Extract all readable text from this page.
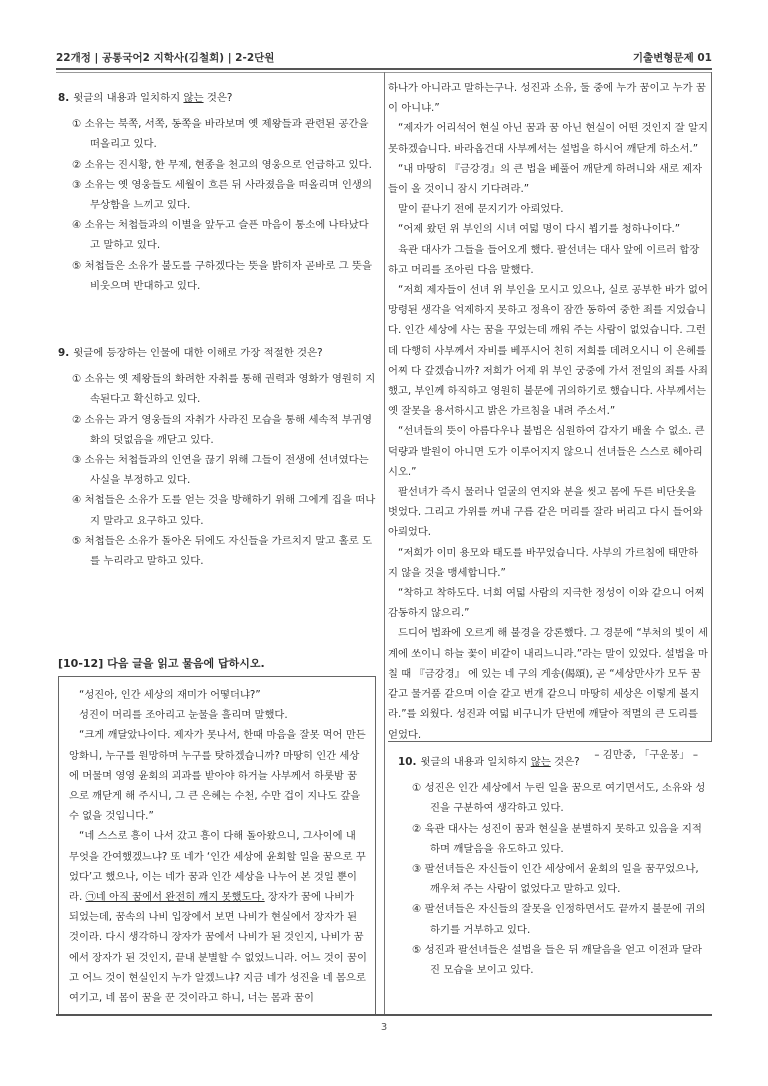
22개정 | 공통국어2 지학사(김철회) | 2-2단원	기출변형문제 01
8. 윗글의 내용과 일치하지 않는 것은?
① 소유는 북쪽, 서쪽, 동쪽을 바라보며 옛 제왕들과 관련된 공간을 떠올리고 있다.
② 소유는 진시황, 한 무제, 현종을 천고의 영웅으로 언급하고 있다.
③ 소유는 옛 영웅들도 세월이 흐른 뒤 사라졌음을 떠올리며 인생의 무상함을 느끼고 있다.
④ 소유는 처첩들과의 이별을 앞두고 슬픈 마음이 통소에 나타났다고 말하고 있다.
⑤ 처첩들은 소유가 불도를 구하겠다는 뜻을 밝히자 곧바로 그 뜻을 비웃으며 반대하고 있다.
9. 윗글에 등장하는 인물에 대한 이해로 가장 적절한 것은?
① 소유는 옛 제왕들의 화려한 자취를 통해 권력과 영화가 영원히 지속된다고 확신하고 있다.
② 소유는 과거 영웅들의 자취가 사라진 모습을 통해 세속적 부귀영화의 덧없음을 깨닫고 있다.
③ 소유는 처첩들과의 인연을 끊기 위해 그들이 전생에 선녀였다는 사실을 부정하고 있다.
④ 처첩들은 소유가 도를 얻는 것을 방해하기 위해 그에게 집을 떠나지 말라고 요구하고 있다.
⑤ 처첩들은 소유가 돌아온 뒤에도 자신들을 가르치지 말고 홀로 도를 누리라고 말하고 있다.
[10-12] 다음 글을 읽고 물음에 답하시오.

“성진아, 인간 세상의 재미가 어떻더냐?”

성진이 머리를 조아리고 눈물을 흘리며 말했다.

“크게 깨달았나이다. 제자가 못나서, 한때 마음을 잘못 먹어 만든 앙화니, 누구를 원망하며 누구를 탓하겠습니까? 마땅히 인간 세상에 머물며 영영 윤회의 괴과를 받아야 하거늘 사부께서 하룻밤 꿈으로 깨닫게 해 주시니, 그 큰 은혜는 수천, 수만 겁이 지나도 갚을 수 없을 것입니다.”

“네 스스로 흥이 나서 갔고 흥이 다해 돌아왔으니, 그사이에 내 무엇을 간여했겠느냐? 또 네가 ‘인간 세상에 윤회할 일을 꿈으로 꾸었다’고 했으나, 이는 네가 꿈과 인간 세상을 나누어 본 것일 뿐이라. ㉠네 아직 꿈에서 완전히 깨지 못했도다. 장자가 꿈에 나비가 되었는데, 꿈속의 나비 입장에서 보면 나비가 현실에서 장자가 된 것이라. 다시 생각하니 장자가 꿈에서 나비가 된 것인지, 나비가 꿈에서 장자가 된 것인지, 끝내 분별할 수 없었느니라. 어느 것이 꿈이고 어느 것이 현실인지 누가 알겠느냐? 지금 네가 성진을 네 몸으로 여기고, 네 몸이 꿈을 꾼 것이라고 하니, 너는 몸과 꿈이

하나가 아니라고 말하는구나. 성진과 소유, 둘 중에 누가 꿈이고 누가 꿈이 아니냐.”

“제자가 어리석어 현실 아닌 꿈과 꿈 아닌 현실이 어떤 것인지 잘 알지 못하겠습니다. 바라옵건대 사부께서는 설법을 하시어 깨닫게 하소서.”

“내 마땅히 『금강경』의 큰 법을 베풀어 깨닫게 하려니와 새로 제자들이 올 것이니 잠시 기다려라.”

말이 끝나기 전에 문지기가 아뢰었다.

“어제 왔던 위 부인의 시녀 여덟 명이 다시 뵙기를 청하나이다.”

육관 대사가 그들을 들어오게 했다. 팔선녀는 대사 앞에 이르러 합장하고 머리를 조아린 다음 말했다.

“저희 제자들이 선녀 위 부인을 모시고 있으나, 실로 공부한 바가 없어 망령된 생각을 억제하지 못하고 정욕이 잠깐 동하여 중한 죄를 지었습니다. 인간 세상에 사는 꿈을 꾸었는데 깨워 주는 사람이 없었습니다. 그런데 다행히 사부께서 자비를 베푸시어 친히 저희를 데려오시니 이 은혜를 어찌 다 갚겠습니까? 저희가 어제 위 부인 궁중에 가서 전일의 죄를 사죄했고, 부인께 하직하고 영원히 불문에 귀의하기로 했습니다. 사부께서는 옛 잘못을 용서하시고 밝은 가르침을 내려 주소서.”

“선녀들의 뜻이 아름다우나 불법은 심원하여 갑자기 배울 수 없소. 큰 덕량과 발원이 아니면 도가 이루어지지 않으니 선녀들은 스스로 헤아리시오.”

팔선녀가 즉시 물러나 얼굴의 연지와 분을 씻고 몸에 두른 비단옷을 벗었다. 그리고 가위를 꺼내 구름 같은 머리를 잘라 버리고 다시 들어와 아뢰었다.

“저희가 이미 용모와 태도를 바꾸었습니다. 사부의 가르침에 태만하지 않을 것을 맹세합니다.”

“착하고 착하도다. 너희 여덟 사람의 지극한 정성이 이와 같으니 어찌 감동하지 않으리.”

드디어 법좌에 오르게 해 불경을 강론했다. 그 경문에 “부처의 빛이 세계에 쏘이니 하늘 꽃이 비같이 내리느니라.”라는 말이 있었다. 설법을 마칠 때 『금강경』 에 있는 네 구의 게송(偈頌), 곧 “세상만사가 모두 꿈 같고 물거품 같으며 이슬 같고 번개 같으니 마땅히 세상은 이렇게 볼지라.”를 외웠다. 성진과 여덟 비구니가 단번에 깨달아 적멸의 큰 도리를 얻었다.

– 김만중, 「구운몽」 –

10. 윗글의 내용과 일치하지 않는 것은?
① 성진은 인간 세상에서 누린 일을 꿈으로 여기면서도, 소유와 성진을 구분하여 생각하고 있다.
② 육관 대사는 성진이 꿈과 현실을 분별하지 못하고 있음을 지적하며 깨달음을 유도하고 있다.
③ 팔선녀들은 자신들이 인간 세상에서 윤회의 일을 꿈꾸었으나, 깨우쳐 주는 사람이 없었다고 말하고 있다.
④ 팔선녀들은 자신들의 잘못을 인정하면서도 끝까지 불문에 귀의하기를 거부하고 있다.
⑤ 성진과 팔선녀들은 설법을 들은 뒤 깨달음을 얻고 이전과 달라진 모습을 보이고 있다.
3
